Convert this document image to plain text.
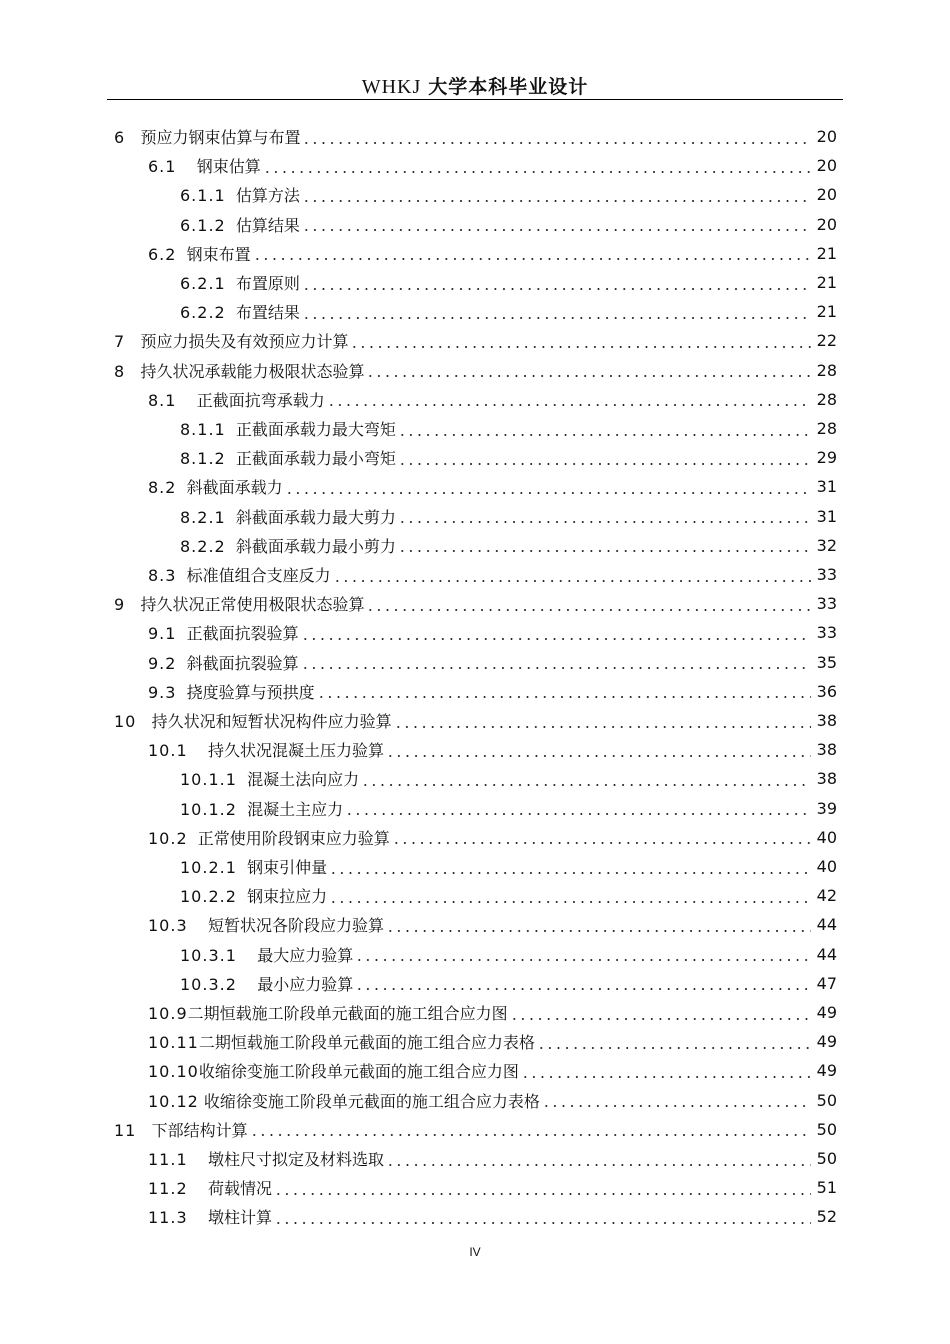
WHKJ 大学本科毕业设计
6 预应力钢束估算与布置	20
6.1 钢束估算	20
6.1.1 估算方法	20
6.1.2 估算结果	20
6.2 钢束布置	21
6.2.1 布置原则	21
6.2.2 布置结果	21
7 预应力损失及有效预应力计算	22
8 持久状况承载能力极限状态验算	28
8.1 正截面抗弯承载力	28
8.1.1 正截面承载力最大弯矩	28
8.1.2 正截面承载力最小弯矩	29
8.2 斜截面承载力	31
8.2.1 斜截面承载力最大剪力	31
8.2.2 斜截面承载力最小剪力	32
8.3 标准值组合支座反力	33
9 持久状况正常使用极限状态验算	33
9.1 正截面抗裂验算	33
9.2 斜截面抗裂验算	35
9.3 挠度验算与预拱度	36
10 持久状况和短暂状况构件应力验算	38
10.1 持久状况混凝土压力验算	38
10.1.1 混凝土法向应力	38
10.1.2 混凝土主应力	39
10.2 正常使用阶段钢束应力验算	40
10.2.1 钢束引伸量	40
10.2.2 钢束拉应力	42
10.3 短暂状况各阶段应力验算	44
10.3.1 最大应力验算	44
10.3.2 最小应力验算	47
10.9二期恒载施工阶段单元截面的施工组合应力图	49
10.11二期恒载施工阶段单元截面的施工组合应力表格	49
10.10收缩徐变施工阶段单元截面的施工组合应力图	49
10.12 收缩徐变施工阶段单元截面的施工组合应力表格	50
11 下部结构计算	50
11.1 墩柱尺寸拟定及材料选取	50
11.2 荷载情况	51
11.3 墩柱计算	52
IV
